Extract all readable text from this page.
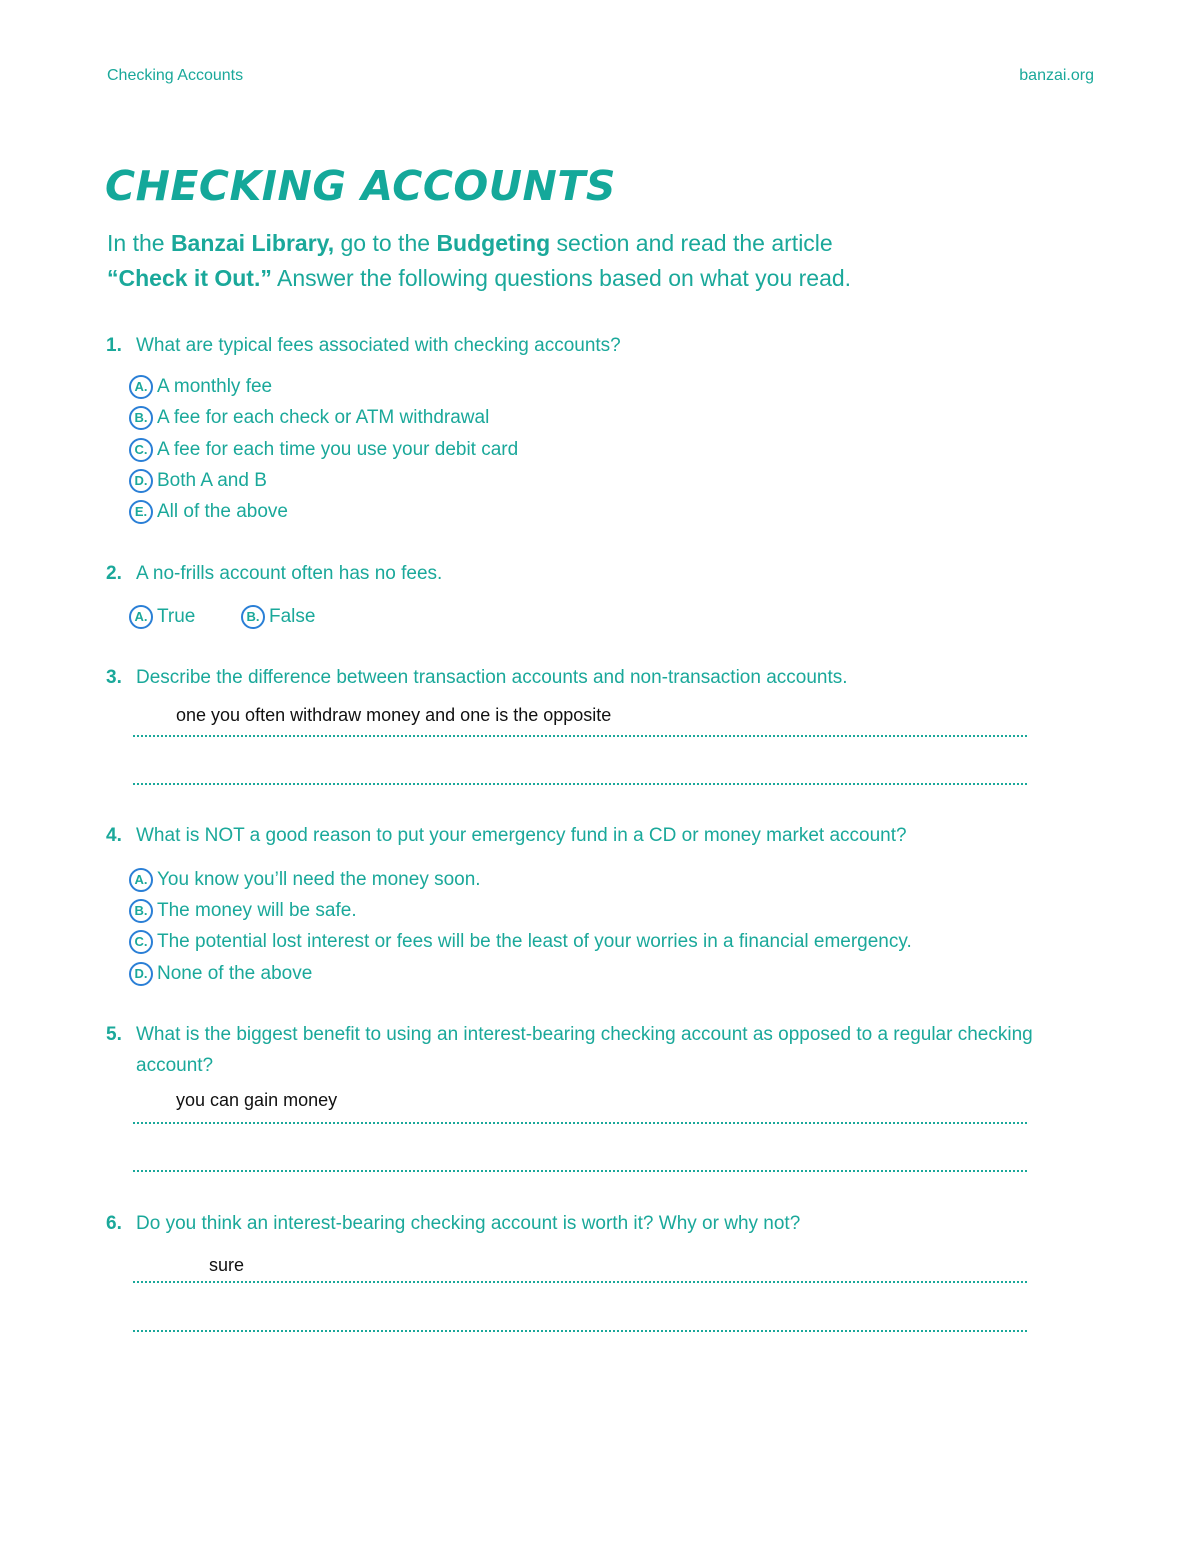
Checking Accounts	banzai.org
CHECKING ACCOUNTS
In the Banzai Library, go to the Budgeting section and read the article
“Check it Out.” Answer the following questions based on what you read.
1. What are typical fees associated with checking accounts?
A. A monthly fee
B. A fee for each check or ATM withdrawal
C. A fee for each time you use your debit card
D. Both A and B
E. All of the above
2. A no-frills account often has no fees.
A. True	B. False
3. Describe the difference between transaction accounts and non-transaction accounts.
one you often withdraw money and one is the opposite
4. What is NOT a good reason to put your emergency fund in a CD or money market account?
A. You know you’ll need the money soon.
B. The money will be safe.
C. The potential lost interest or fees will be the least of your worries in a financial emergency.
D. None of the above
5. What is the biggest benefit to using an interest-bearing checking account as opposed to a regular checking account?
you can gain money
6. Do you think an interest-bearing checking account is worth it? Why or why not?
sure
